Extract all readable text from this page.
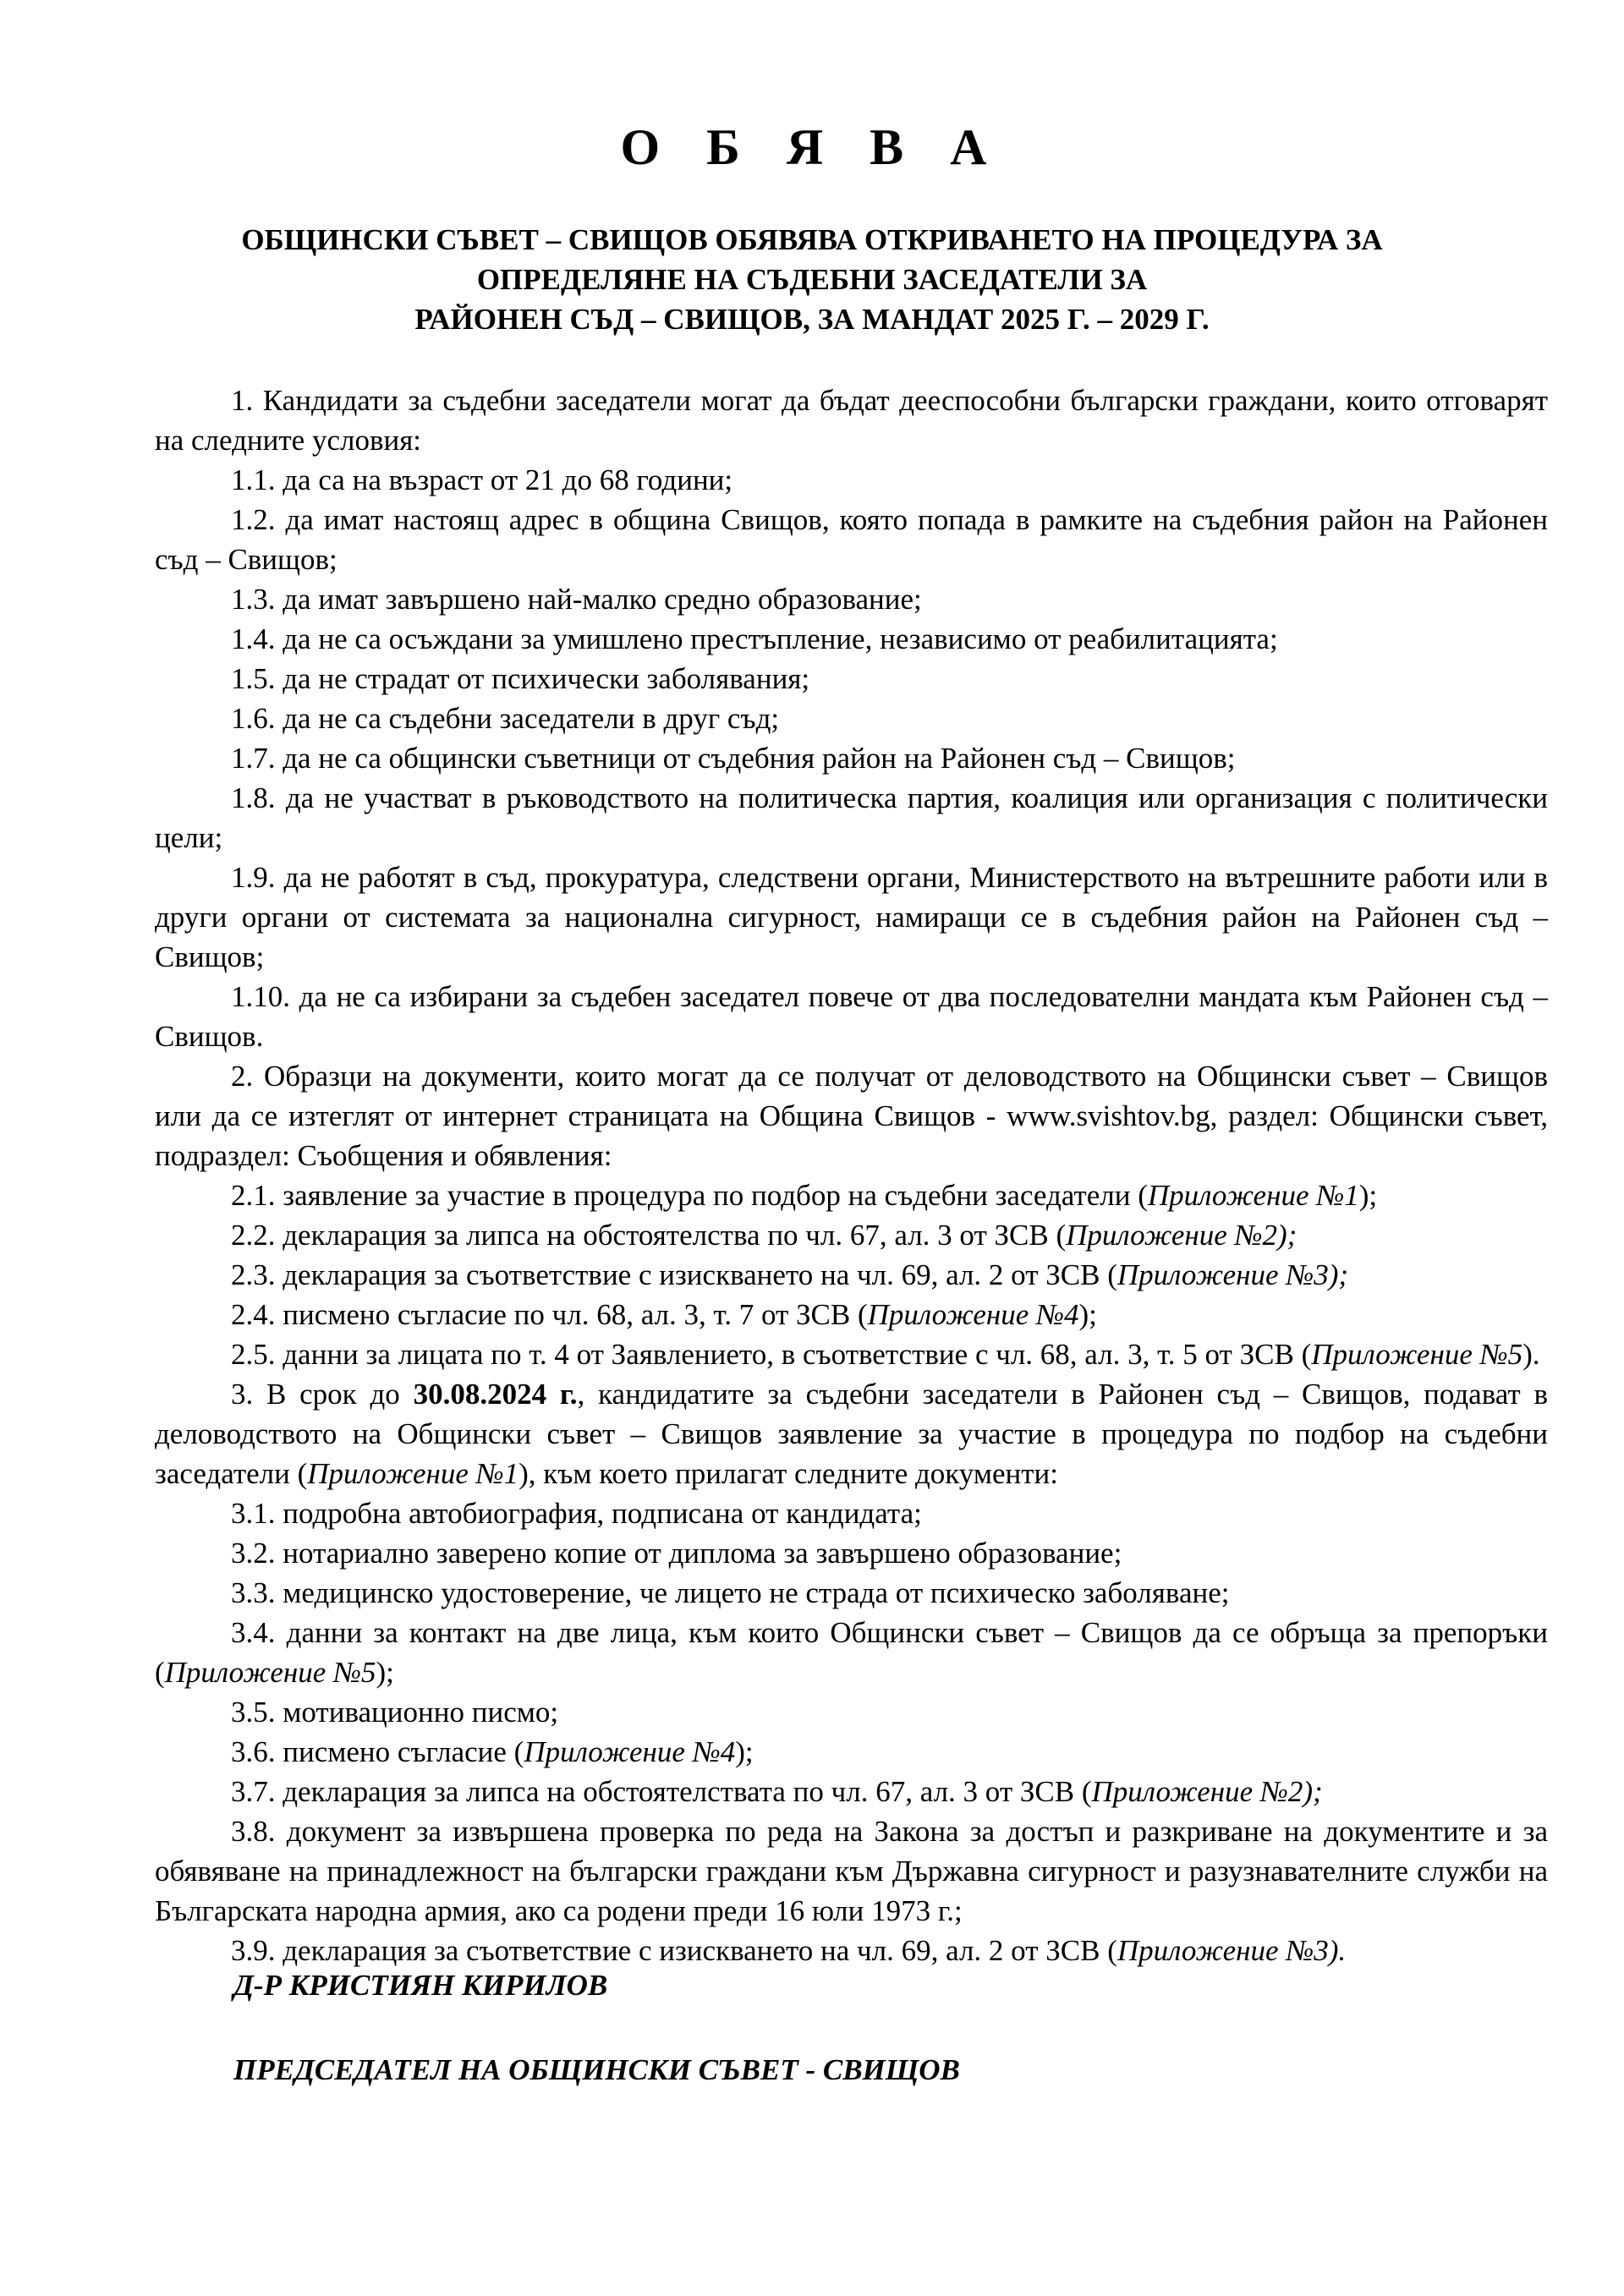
О Б Я В А
ОБЩИНСКИ СЪВЕТ – СВИЩОВ ОБЯВЯВА ОТКРИВАНЕТО НА ПРОЦЕДУРА ЗА
ОПРЕДЕЛЯНЕ НА СЪДЕБНИ ЗАСЕДАТЕЛИ ЗА
РАЙОНЕН СЪД – СВИЩОВ, ЗА МАНДАТ 2025 Г. – 2029 Г.

1. Кандидати за съдебни заседатели могат да бъдат дееспособни български граждани, които отговарят на следните условия:

1.1. да са на възраст от 21 до 68 години;

1.2. да имат настоящ адрес в община Свищов, която попада в рамките на съдебния район на Районен съд – Свищов;

1.3. да имат завършено най-малко средно образование;

1.4. да не са осъждани за умишлено престъпление, независимо от реабилитацията;

1.5. да не страдат от психически заболявания;

1.6. да не са съдебни заседатели в друг съд;

1.7. да не са общински съветници от съдебния район на Районен съд – Свищов;

1.8. да не участват в ръководството на политическа партия, коалиция или организация с политически цели;

1.9. да не работят в съд, прокуратура, следствени органи, Министерството на вътрешните работи или в други органи от системата за национална сигурност, намиращи се в съдебния район на Районен съд – Свищов;

1.10. да не са избирани за съдебен заседател повече от два последователни мандата към Районен съд – Свищов.

2. Образци на документи, които могат да се получат от деловодството на Общински съвет – Свищов или да се изтеглят от интернет страницата на Община Свищов - www.svishtov.bg, раздел: Общински съвет, подраздел: Съобщения и обявления:

2.1. заявление за участие в процедура по подбор на съдебни заседатели (Приложение №1);

2.2. декларация за липса на обстоятелства по чл. 67, ал. 3 от ЗСВ (Приложение №2);

2.3. декларация за съответствие с изискването на чл. 69, ал. 2 от ЗСВ (Приложение №3);

2.4. писмено съгласие по чл. 68, ал. 3, т. 7 от ЗСВ (Приложение №4);

2.5. данни за лицата по т. 4 от Заявлението, в съответствие с чл. 68, ал. 3, т. 5 от ЗСВ (Приложение №5).

3. В срок до 30.08.2024 г., кандидатите за съдебни заседатели в Районен съд – Свищов, подават в деловодството на Общински съвет – Свищов заявление за участие в процедура по подбор на съдебни заседатели (Приложение №1), към което прилагат следните документи:

3.1. подробна автобиография, подписана от кандидата;

3.2. нотариално заверено копие от диплома за завършено образование;

3.3. медицинско удостоверение, че лицето не страда от психическо заболяване;

3.4. данни за контакт на две лица, към които Общински съвет – Свищов да се обръща за препоръки (Приложение №5);

3.5. мотивационно писмо;

3.6. писмено съгласие (Приложение №4);

3.7. декларация за липса на обстоятелствата по чл. 67, ал. 3 от ЗСВ (Приложение №2);

3.8. документ за извършена проверка по реда на Закона за достъп и разкриване на документите и за обявяване на принадлежност на български граждани към Държавна сигурност и разузнавателните служби на Българската народна армия, ако са родени преди 16 юли 1973 г.;

3.9. декларация за съответствие с изискването на чл. 69, ал. 2 от ЗСВ (Приложение №3).

Д-Р КРИСТИЯН КИРИЛОВ

ПРЕДСЕДАТЕЛ НА ОБЩИНСКИ СЪВЕТ - СВИЩОВ
